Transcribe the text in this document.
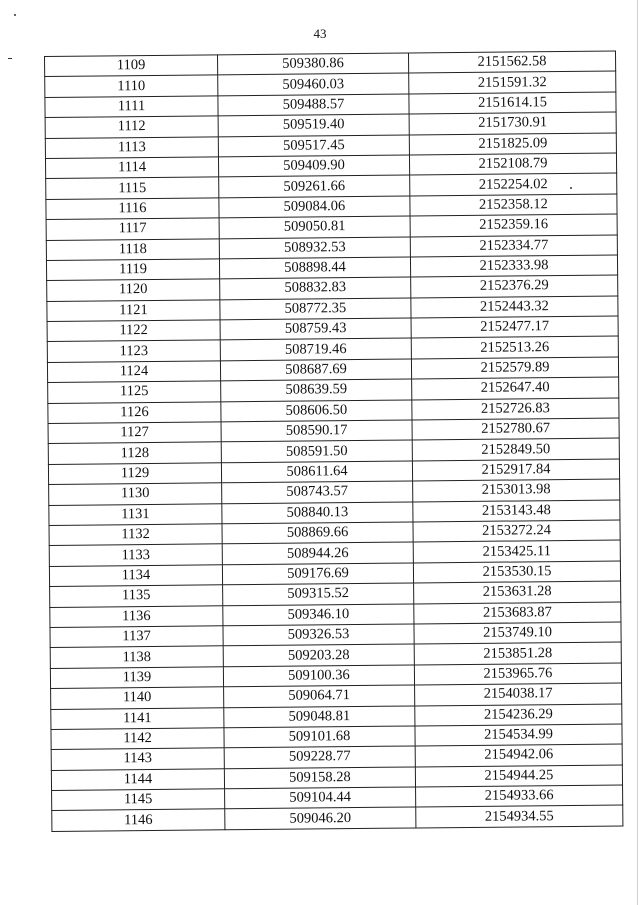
43
1109	509380.86	2151562.58
1110	509460.03	2151591.32
1111	509488.57	2151614.15
1112	509519.40	2151730.91
1113	509517.45	2151825.09
1114	509409.90	2152108.79
1115	509261.66	2152254.02
1116	509084.06	2152358.12
1117	509050.81	2152359.16
1118	508932.53	2152334.77
1119	508898.44	2152333.98
1120	508832.83	2152376.29
1121	508772.35	2152443.32
1122	508759.43	2152477.17
1123	508719.46	2152513.26
1124	508687.69	2152579.89
1125	508639.59	2152647.40
1126	508606.50	2152726.83
1127	508590.17	2152780.67
1128	508591.50	2152849.50
1129	508611.64	2152917.84
1130	508743.57	2153013.98
1131	508840.13	2153143.48
1132	508869.66	2153272.24
1133	508944.26	2153425.11
1134	509176.69	2153530.15
1135	509315.52	2153631.28
1136	509346.10	2153683.87
1137	509326.53	2153749.10
1138	509203.28	2153851.28
1139	509100.36	2153965.76
1140	509064.71	2154038.17
1141	509048.81	2154236.29
1142	509101.68	2154534.99
1143	509228.77	2154942.06
1144	509158.28	2154944.25
1145	509104.44	2154933.66
1146	509046.20	2154934.55
